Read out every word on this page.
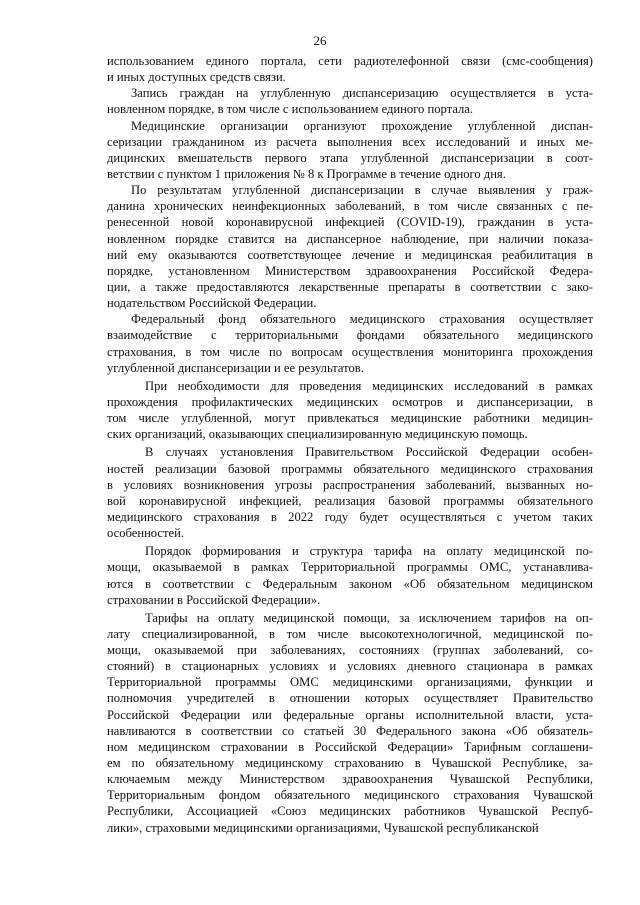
26
использованием единого портала, сети радиотелефонной связи (смс-сообщения)
и иных доступных средств связи.
Запись граждан на углубленную диспансеризацию осуществляется в уста-
новленном порядке, в том числе с использованием единого портала.
Медицинские организации организуют прохождение углубленной диспан-
серизации гражданином из расчета выполнения всех исследований и иных ме-
дицинских вмешательств первого этапа углубленной диспансеризации в соот-
ветствии с пунктом 1 приложения № 8 к Программе в течение одного дня.
По результатам углубленной диспансеризации в случае выявления у граж-
данина хронических неинфекционных заболеваний, в том числе связанных с пе-
ренесенной новой коронавирусной инфекцией (COVID-19), гражданин в уста-
новленном порядке ставится на диспансерное наблюдение, при наличии показа-
ний ему оказываются соответствующее лечение и медицинская реабилитация в
порядке, установленном Министерством здравоохранения Российской Федера-
ции, а также предоставляются лекарственные препараты в соответствии с зако-
нодательством Российской Федерации.
Федеральный фонд обязательного медицинского страхования осуществляет
взаимодействие с территориальными фондами обязательного медицинского
страхования, в том числе по вопросам осуществления мониторинга прохождения
углубленной диспансеризации и ее результатов.
При необходимости для проведения медицинских исследований в рамках
прохождения профилактических медицинских осмотров и диспансеризации, в
том числе углубленной, могут привлекаться медицинские работники медицин-
ских организаций, оказывающих специализированную медицинскую помощь.
В случаях установления Правительством Российской Федерации особен-
ностей реализации базовой программы обязательного медицинского страхования
в условиях возникновения угрозы распространения заболеваний, вызванных но-
вой коронавирусной инфекцией, реализация базовой программы обязательного
медицинского страхования в 2022 году будет осуществляться с учетом таких
особенностей.
Порядок формирования и структура тарифа на оплату медицинской по-
мощи, оказываемой в рамках Территориальной программы ОМС, устанавлива-
ются в соответствии с Федеральным законом «Об обязательном медицинском
страховании в Российской Федерации».
Тарифы на оплату медицинской помощи, за исключением тарифов на оп-
лату специализированной, в том числе высокотехнологичной, медицинской по-
мощи, оказываемой при заболеваниях, состояниях (группах заболеваний, со-
стояний) в стационарных условиях и условиях дневного стационара в рамках
Территориальной программы ОМС медицинскими организациями, функции и
полномочия учредителей в отношении которых осуществляет Правительство
Российской Федерации или федеральные органы исполнительной власти, уста-
навливаются в соответствии со статьей 30 Федерального закона «Об обязатель-
ном медицинском страховании в Российской Федерации» Тарифным соглашени-
ем по обязательному медицинскому страхованию в Чувашской Республике, за-
ключаемым между Министерством здравоохранения Чувашской Республики,
Территориальным фондом обязательного медицинского страхования Чувашской
Республики, Ассоциацией «Союз медицинских работников Чувашской Респуб-
лики», страховыми медицинскими организациями, Чувашской республиканской
